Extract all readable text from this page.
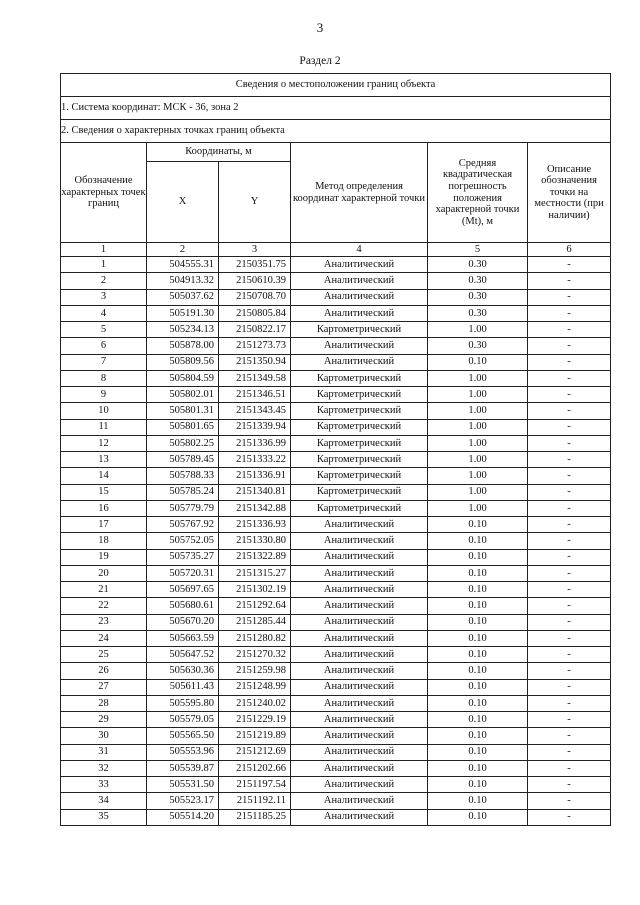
3
Раздел 2
Сведения о местоположении границ объекта					
1. Система координат: МСК - 36, зона 2					
2. Сведения о характерных точках границ объекта					
Обозначение характерных точек границ	Координаты, м		Метод определения координат характерной точки	Средняя квадратическая погрешность положения характерной точки (Mt), м	Описание обозначения точки на местности (при наличии)
	X	Y			
1	2	3	4	5	6
1	504555.31	2150351.75	Аналитический	0.30	-
2	504913.32	2150610.39	Аналитический	0.30	-
3	505037.62	2150708.70	Аналитический	0.30	-
4	505191.30	2150805.84	Аналитический	0.30	-
5	505234.13	2150822.17	Картометрический	1.00	-
6	505878.00	2151273.73	Аналитический	0.30	-
7	505809.56	2151350.94	Аналитический	0.10	-
8	505804.59	2151349.58	Картометрический	1.00	-
9	505802.01	2151346.51	Картометрический	1.00	-
10	505801.31	2151343.45	Картометрический	1.00	-
11	505801.65	2151339.94	Картометрический	1.00	-
12	505802.25	2151336.99	Картометрический	1.00	-
13	505789.45	2151333.22	Картометрический	1.00	-
14	505788.33	2151336.91	Картометрический	1.00	-
15	505785.24	2151340.81	Картометрический	1.00	-
16	505779.79	2151342.88	Картометрический	1.00	-
17	505767.92	2151336.93	Аналитический	0.10	-
18	505752.05	2151330.80	Аналитический	0.10	-
19	505735.27	2151322.89	Аналитический	0.10	-
20	505720.31	2151315.27	Аналитический	0.10	-
21	505697.65	2151302.19	Аналитический	0.10	-
22	505680.61	2151292.64	Аналитический	0.10	-
23	505670.20	2151285.44	Аналитический	0.10	-
24	505663.59	2151280.82	Аналитический	0.10	-
25	505647.52	2151270.32	Аналитический	0.10	-
26	505630.36	2151259.98	Аналитический	0.10	-
27	505611.43	2151248.99	Аналитический	0.10	-
28	505595.80	2151240.02	Аналитический	0.10	-
29	505579.05	2151229.19	Аналитический	0.10	-
30	505565.50	2151219.89	Аналитический	0.10	-
31	505553.96	2151212.69	Аналитический	0.10	-
32	505539.87	2151202.66	Аналитический	0.10	-
33	505531.50	2151197.54	Аналитический	0.10	-
34	505523.17	2151192.11	Аналитический	0.10	-
35	505514.20	2151185.25	Аналитический	0.10	-
